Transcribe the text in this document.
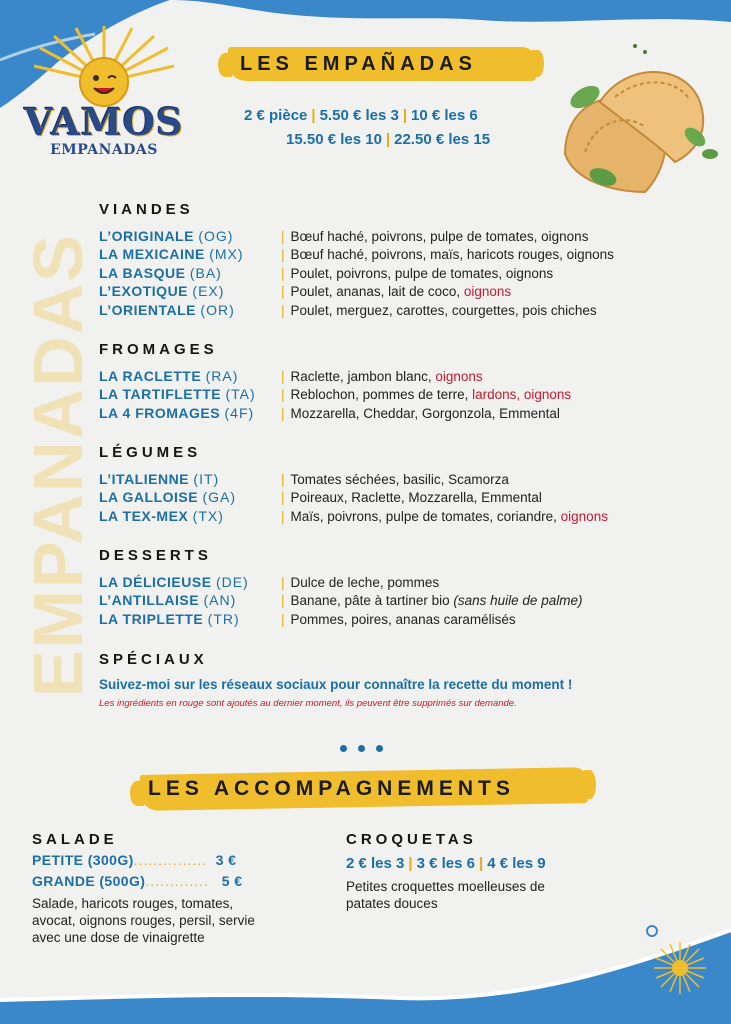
VAMOS
EMPANADAS
LES EMPAÑADAS
2 € pièce | 5.50 € les 3 | 10 € les 6
15.50 € les 10 | 22.50 € les 15
EMPANADAS
VIANDES
L’ORIGINALE (OG)	| Bœuf haché, poivrons, pulpe de tomates, oignons
LA MEXICAINE (MX)	| Bœuf haché, poivrons, maïs, haricots rouges, oignons
LA BASQUE (BA)	| Poulet, poivrons, pulpe de tomates, oignons
L’EXOTIQUE (EX)	| Poulet, ananas, lait de coco, oignons
L’ORIENTALE (OR)	| Poulet, merguez, carottes, courgettes, pois chiches
FROMAGES
LA RACLETTE (RA)	| Raclette, jambon blanc, oignons
LA TARTIFLETTE (TA) | Reblochon, pommes de terre, lardons, oignons
LA 4 FROMAGES (4F) | Mozzarella, Cheddar, Gorgonzola, Emmental
LÉGUMES
L’ITALIENNE (IT)	| Tomates séchées, basilic, Scamorza
LA GALLOISE (GA)	| Poireaux, Raclette, Mozzarella, Emmental
LA TEX-MEX (TX)	| Maïs, poivrons, pulpe de tomates, coriandre, oignons
DESSERTS
LA DÉLICIEUSE (DE) | Dulce de leche, pommes
L’ANTILLAISE (AN)	| Banane, pâte à tartiner bio (sans huile de palme)
LA TRIPLETTE (TR)	| Pommes, poires, ananas caramélisés
SPÉCIAUX
Suivez-moi sur les réseaux sociaux pour connaître la recette du moment !
Les ingrédients en rouge sont ajoutés au dernier moment, ils peuvent être supprimés sur demande.
LES ACCOMPAGNEMENTS
SALADE
PETITE (300G)............... 3 €
GRANDE (500G)............. 5 €
Salade, haricots rouges, tomates,
avocat, oignons rouges, persil, servie
avec une dose de vinaigrette
CROQUETAS
2 € les 3 | 3 € les 6 | 4 € les 9
Petites croquettes moelleuses de
patates douces
